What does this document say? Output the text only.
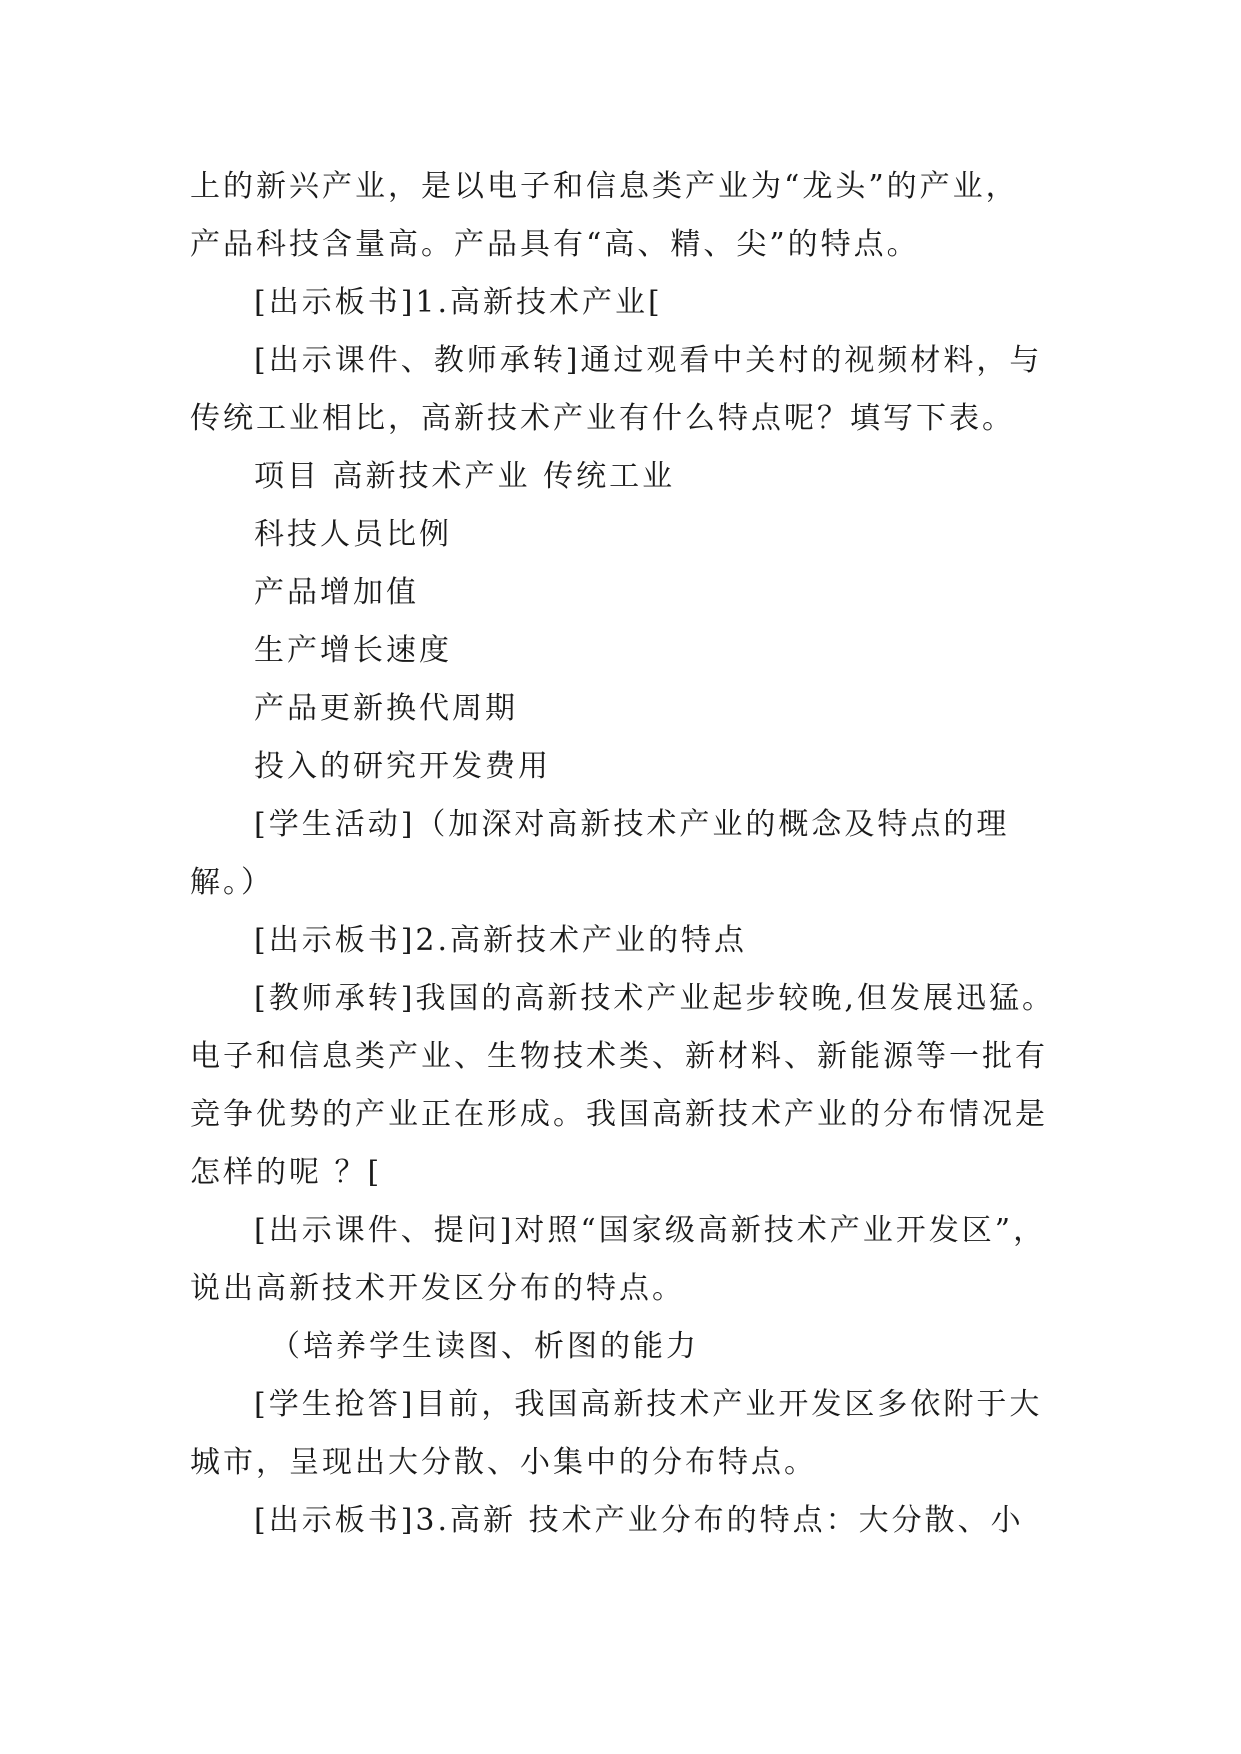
上的新兴产业，是以电子和信息类产业为“龙头”的产业，
产品科技含量高。产品具有“高、精、尖”的特点。
[出示板书]1.高新技术产业[
[出示课件、教师承转]通过观看中关村的视频材料，与
传统工业相比，高新技术产业有什么特点呢？填写下表。
项目 高新技术产业 传统工业
科技人员比例
产品增加值
生产增长速度
产品更新换代周期
投入的研究开发费用
[学生活动]（加深对高新技术产业的概念及特点的理
解。）
[出示板书]2.高新技术产业的特点
[教师承转]我国的高新技术产业起步较晚,但发展迅猛。
电子和信息类产业、生物技术类、新材料、新能源等一批有
竞争优势的产业正在形成。我国高新技术产业的分布情况是
怎样的呢 ？[
[出示课件、提问]对照“国家级高新技术产业开发区”，
说出高新技术开发区分布的特点。
（培养学生读图、析图的能力
[学生抢答]目前，我国高新技术产业开发区多依附于大
城市，呈现出大分散、小集中的分布特点。
[出示板书]3.高新 技术产业分布的特点：大分散、小
